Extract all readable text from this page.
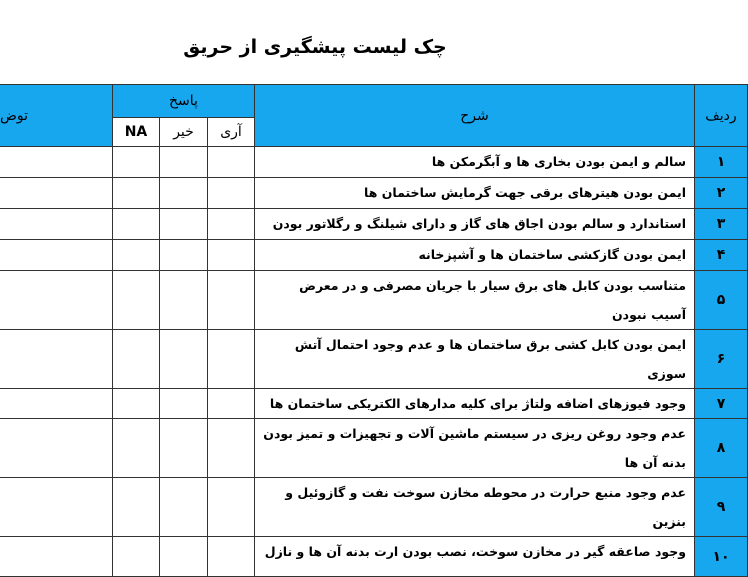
چک لیست پیشگیری از حریق
ردیف	شرح	پاسخ			توض
		آری	خیر	NA	
۱	سالم و ایمن بودن بخاری ها و آبگرمکن ها				
۲	ایمن بودن هیترهای برقی جهت گرمایش ساختمان ها				
۳	استاندارد و سالم بودن اجاق های گاز و دارای شیلنگ و رگلاتور بودن				
۴	ایمن بودن گازکشی ساختمان ها و آشپزخانه				
۵	متناسب بودن کابل های برق سیار با جریان مصرفی و در معرض آسیب نبودن				
۶	ایمن بودن کابل کشی برق ساختمان ها و عدم وجود احتمال آتش سوزی				
۷	وجود فیوزهای اضافه ولتاژ برای کلیه مدارهای الکتریکی ساختمان ها				
۸	عدم وجود روغن ریزی در سیستم ماشین آلات و تجهیزات و تمیز بودن بدنه آن ها				
۹	عدم وجود منبع حرارت در محوطه مخازن سوخت نفت و گازوئیل و بنزین				
۱۰	وجود صاعقه گیر در مخازن سوخت، نصب بودن ارت بدنه آن ها و نازل				
